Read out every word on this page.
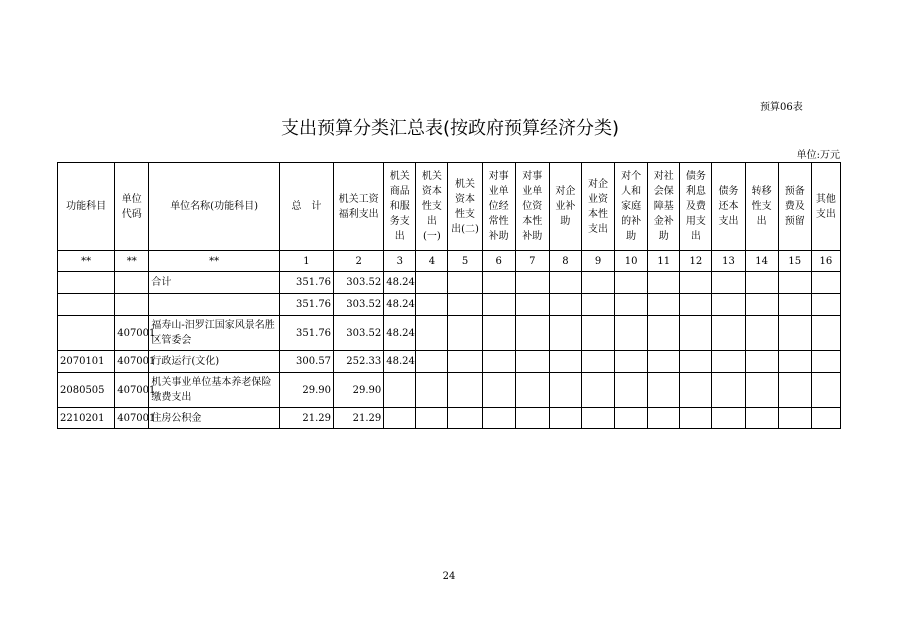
预算06表
支出预算分类汇总表(按政府预算经济分类)
单位:万元
功能科目	单位代码	单位名称(功能科目)	总　计	机关工资福利支出	机关商品和服务支出	机关资本性支出(一)	机关资本性支出(二)	对事业单位经常性补助	对事业单位资本性补助	对企业补助	对企业资本性支出	对个人和家庭的补助	对社会保障基金补助	债务利息及费用支出	债务还本支出	转移性支出	预备费及预留	其他支出
**	**	**	1	2	3	4	5	6	7	8	9	10	11	12	13	14	15	16
		合计	351.76	303.52	48.24													
			351.76	303.52	48.24													
	407001	福寿山-汨罗江国家风景名胜区管委会	351.76	303.52	48.24													
2070101	407001	行政运行(文化)	300.57	252.33	48.24													
2080505	407001	机关事业单位基本养老保险缴费支出	29.90	29.90														
2210201	407001	住房公积金	21.29	21.29														
24
